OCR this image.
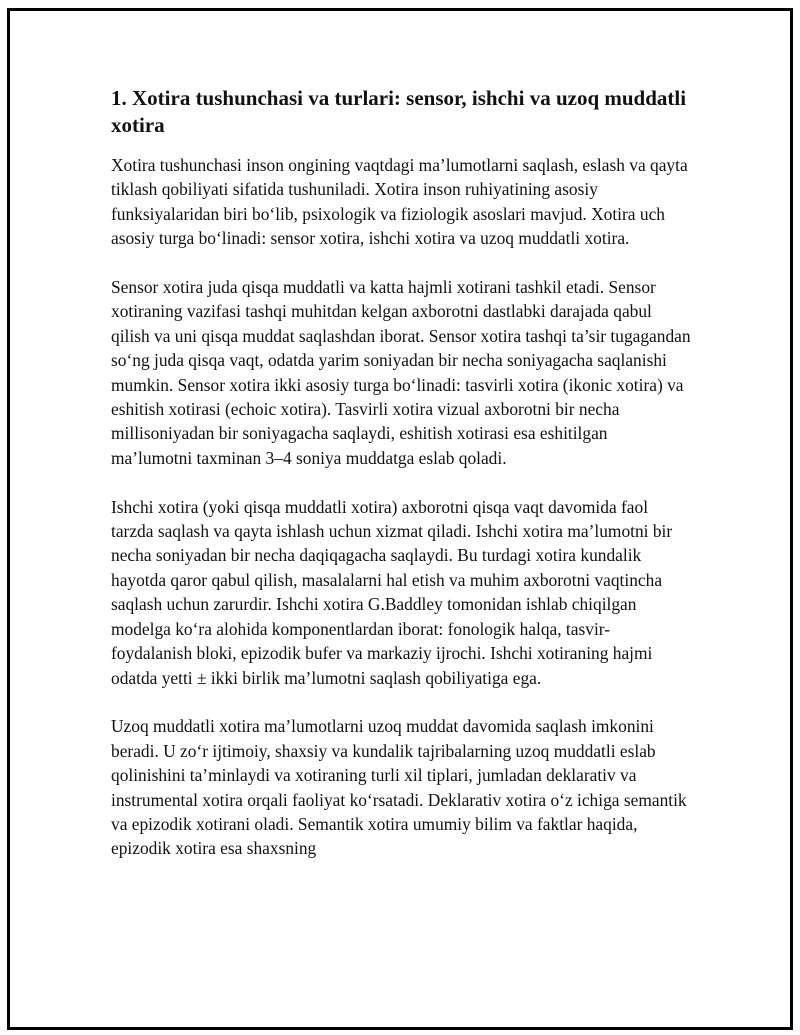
1. Xotira tushunchasi va turlari: sensor, ishchi va uzoq muddatli xotira

Xotira tushunchasi inson ongining vaqtdagi ma’lumotlarni saqlash, eslash va qayta tiklash qobiliyati sifatida tushuniladi. Xotira inson ruhiyatining asosiy funksiyalaridan biri bo‘lib, psixologik va fiziologik asoslari mavjud. Xotira uch asosiy turga bo‘linadi: sensor xotira, ishchi xotira va uzoq muddatli xotira.

Sensor xotira juda qisqa muddatli va katta hajmli xotirani tashkil etadi. Sensor xotiraning vazifasi tashqi muhitdan kelgan axborotni dastlabki darajada qabul qilish va uni qisqa muddat saqlashdan iborat. Sensor xotira tashqi ta’sir tugagandan so‘ng juda qisqa vaqt, odatda yarim soniyadan bir necha soniyagacha saqlanishi mumkin. Sensor xotira ikki asosiy turga bo‘linadi: tasvirli xotira (ikonic xotira) va eshitish xotirasi (echoic xotira). Tasvirli xotira vizual axborotni bir necha millisoniyadan bir soniyagacha saqlaydi, eshitish xotirasi esa eshitilgan ma’lumotni taxminan 3–4 soniya muddatga eslab qoladi.

Ishchi xotira (yoki qisqa muddatli xotira) axborotni qisqa vaqt davomida faol tarzda saqlash va qayta ishlash uchun xizmat qiladi. Ishchi xotira ma’lumotni bir necha soniyadan bir necha daqiqagacha saqlaydi. Bu turdagi xotira kundalik hayotda qaror qabul qilish, masalalarni hal etish va muhim axborotni vaqtincha saqlash uchun zarurdir. Ishchi xotira G.Baddley tomonidan ishlab chiqilgan modelga ko‘ra alohida komponentlardan iborat: fonologik halqa, tasvir-foydalanish bloki, epizodik bufer va markaziy ijrochi. Ishchi xotiraning hajmi odatda yetti ± ikki birlik ma’lumotni saqlash qobiliyatiga ega.

Uzoq muddatli xotira ma’lumotlarni uzoq muddat davomida saqlash imkonini beradi. U zo‘r ijtimoiy, shaxsiy va kundalik tajribalarning uzoq muddatli eslab qolinishini ta’minlaydi va xotiraning turli xil tiplari, jumladan deklarativ va instrumental xotira orqali faoliyat ko‘rsatadi. Deklarativ xotira o‘z ichiga semantik va epizodik xotirani oladi. Semantik xotira umumiy bilim va faktlar haqida, epizodik xotira esa shaxsning
